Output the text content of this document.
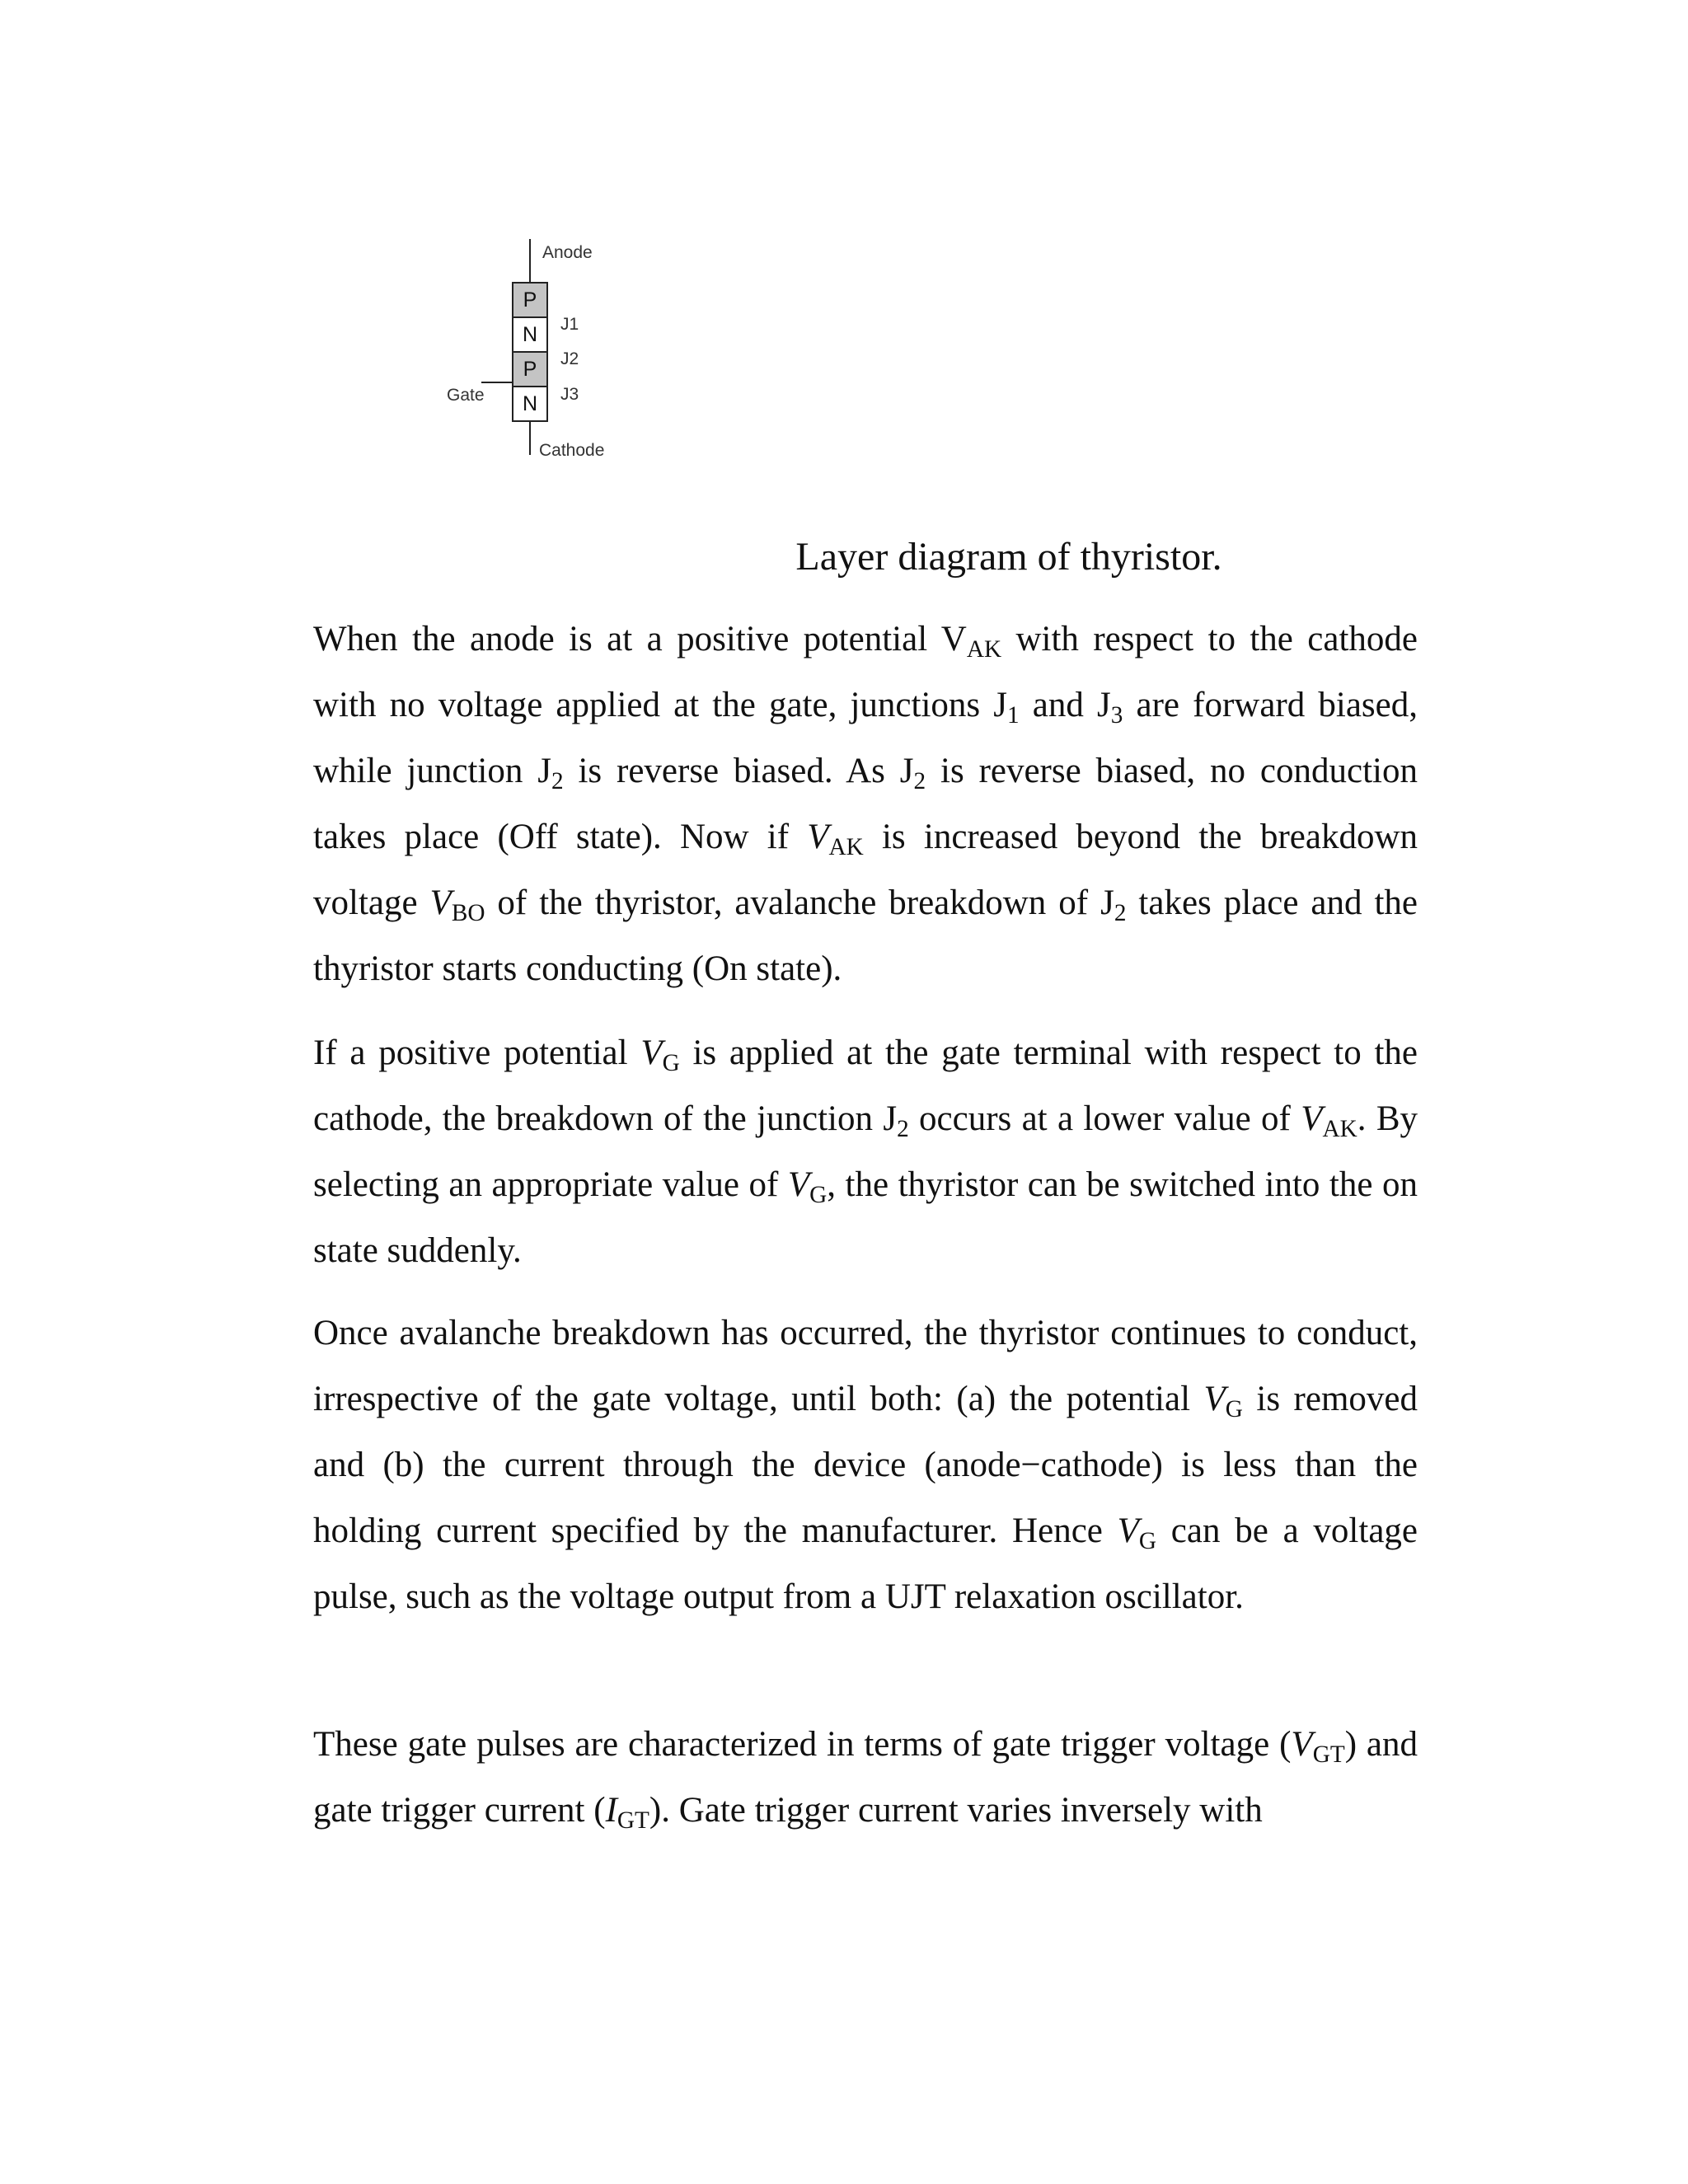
Anode
P
N
P
N
J1
J2
J3
Gate
Cathode

Layer diagram of thyristor.

When the anode is at a positive potential $V_{AK}$ with respect to the cathode with no voltage applied at the gate, junctions $J_1$ and $J_3$ are forward biased, while junction $J_2$ is reverse biased. As $J_2$ is reverse biased, no conduction takes place (Off state). Now if $V_{AK}$ is increased beyond the breakdown voltage $V_{BO}$ of the thyristor, avalanche breakdown of $J_2$ takes place and the thyristor starts conducting (On state).

If a positive potential $V_G$ is applied at the gate terminal with respect to the cathode, the breakdown of the junction $J_2$ occurs at a lower value of $V_{AK}$. By selecting an appropriate value of $V_G$, the thyristor can be switched into the on state suddenly.

Once avalanche breakdown has occurred, the thyristor continues to conduct, irrespective of the gate voltage, until both: (a) the potential $V_G$ is removed and (b) the current through the device (anode−cathode) is less than the holding current specified by the manufacturer. Hence $V_G$ can be a voltage pulse, such as the voltage output from a UJT relaxation oscillator.

These gate pulses are characterized in terms of gate trigger voltage $(V_{GT})$ and gate trigger current $(I_{GT})$. Gate trigger current varies inversely with
